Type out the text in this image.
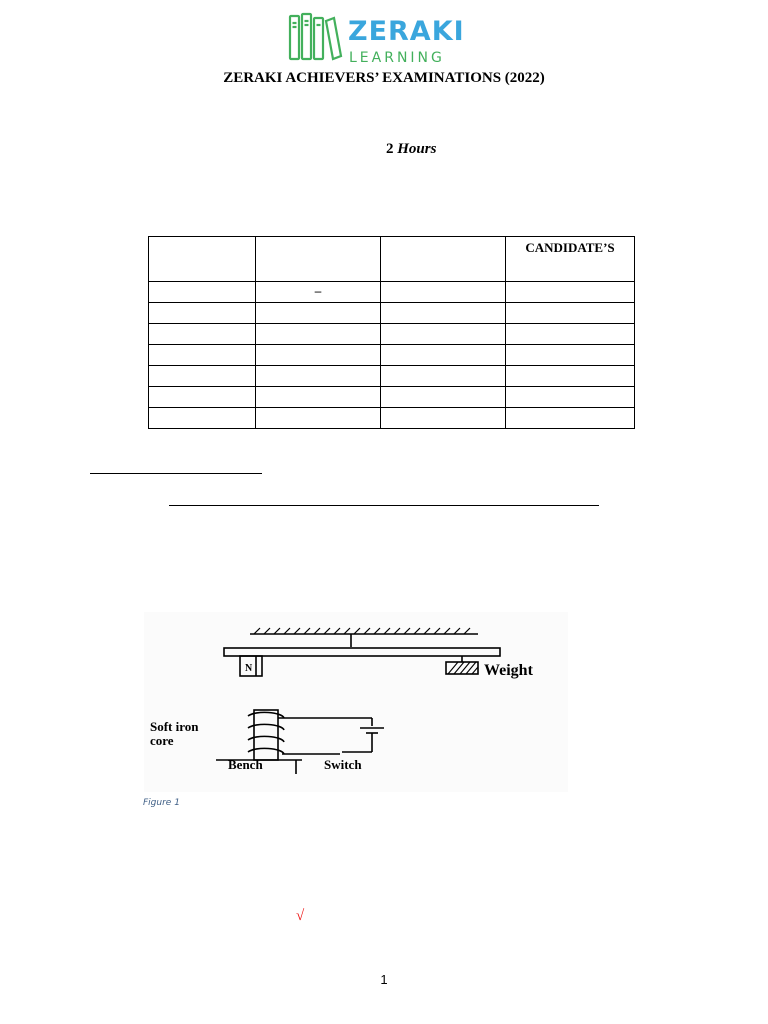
ZERAKI
LEARNING
ZERAKI ACHIEVERS’ EXAMINATIONS (2022)
2 Hours
			CANDIDATE’S
	–		

N	Weight
Soft iron
core
Bench	Switch
Figure 1
√
1
